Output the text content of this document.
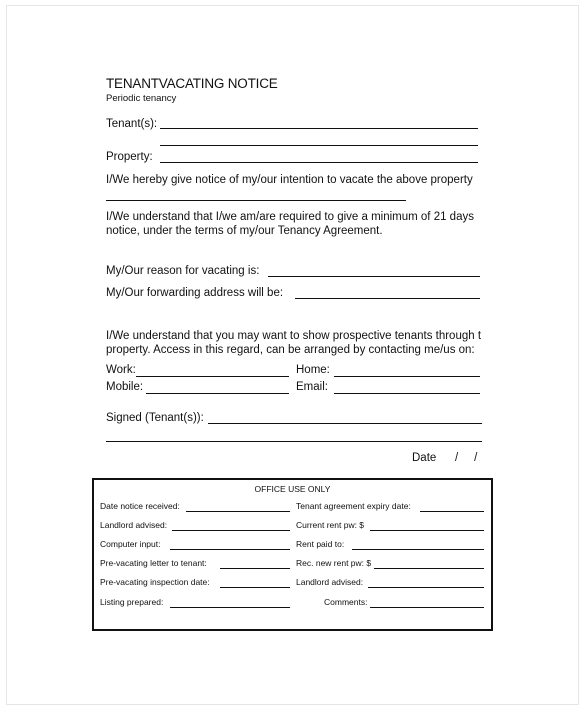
TENANTVACATING NOTICE
Periodic tenancy
Tenant(s):
Property:
I/We hereby give notice of my/our intention to vacate the above property
I/We understand that I/we am/are required to give a minimum of 21 days
notice, under the terms of my/our Tenancy Agreement.
My/Our reason for vacating is:
My/Our forwarding address will be:
I/We understand that you may want to show prospective tenants through t
property. Access in this regard, can be arranged by contacting me/us on:
Work:	Home:
Mobile:	Email:
Signed (Tenant(s)):
Date /     /
OFFICE USE ONLY
Date notice received:	Tenant agreement expiry date:
Landlord advised:	Current rent pw: $
Computer input:	Rent paid to:
Pre-vacating letter to tenant:	Rec. new rent pw: $
Pre-vacating inspection date:	Landlord advised:
Listing prepared:	Comments:
